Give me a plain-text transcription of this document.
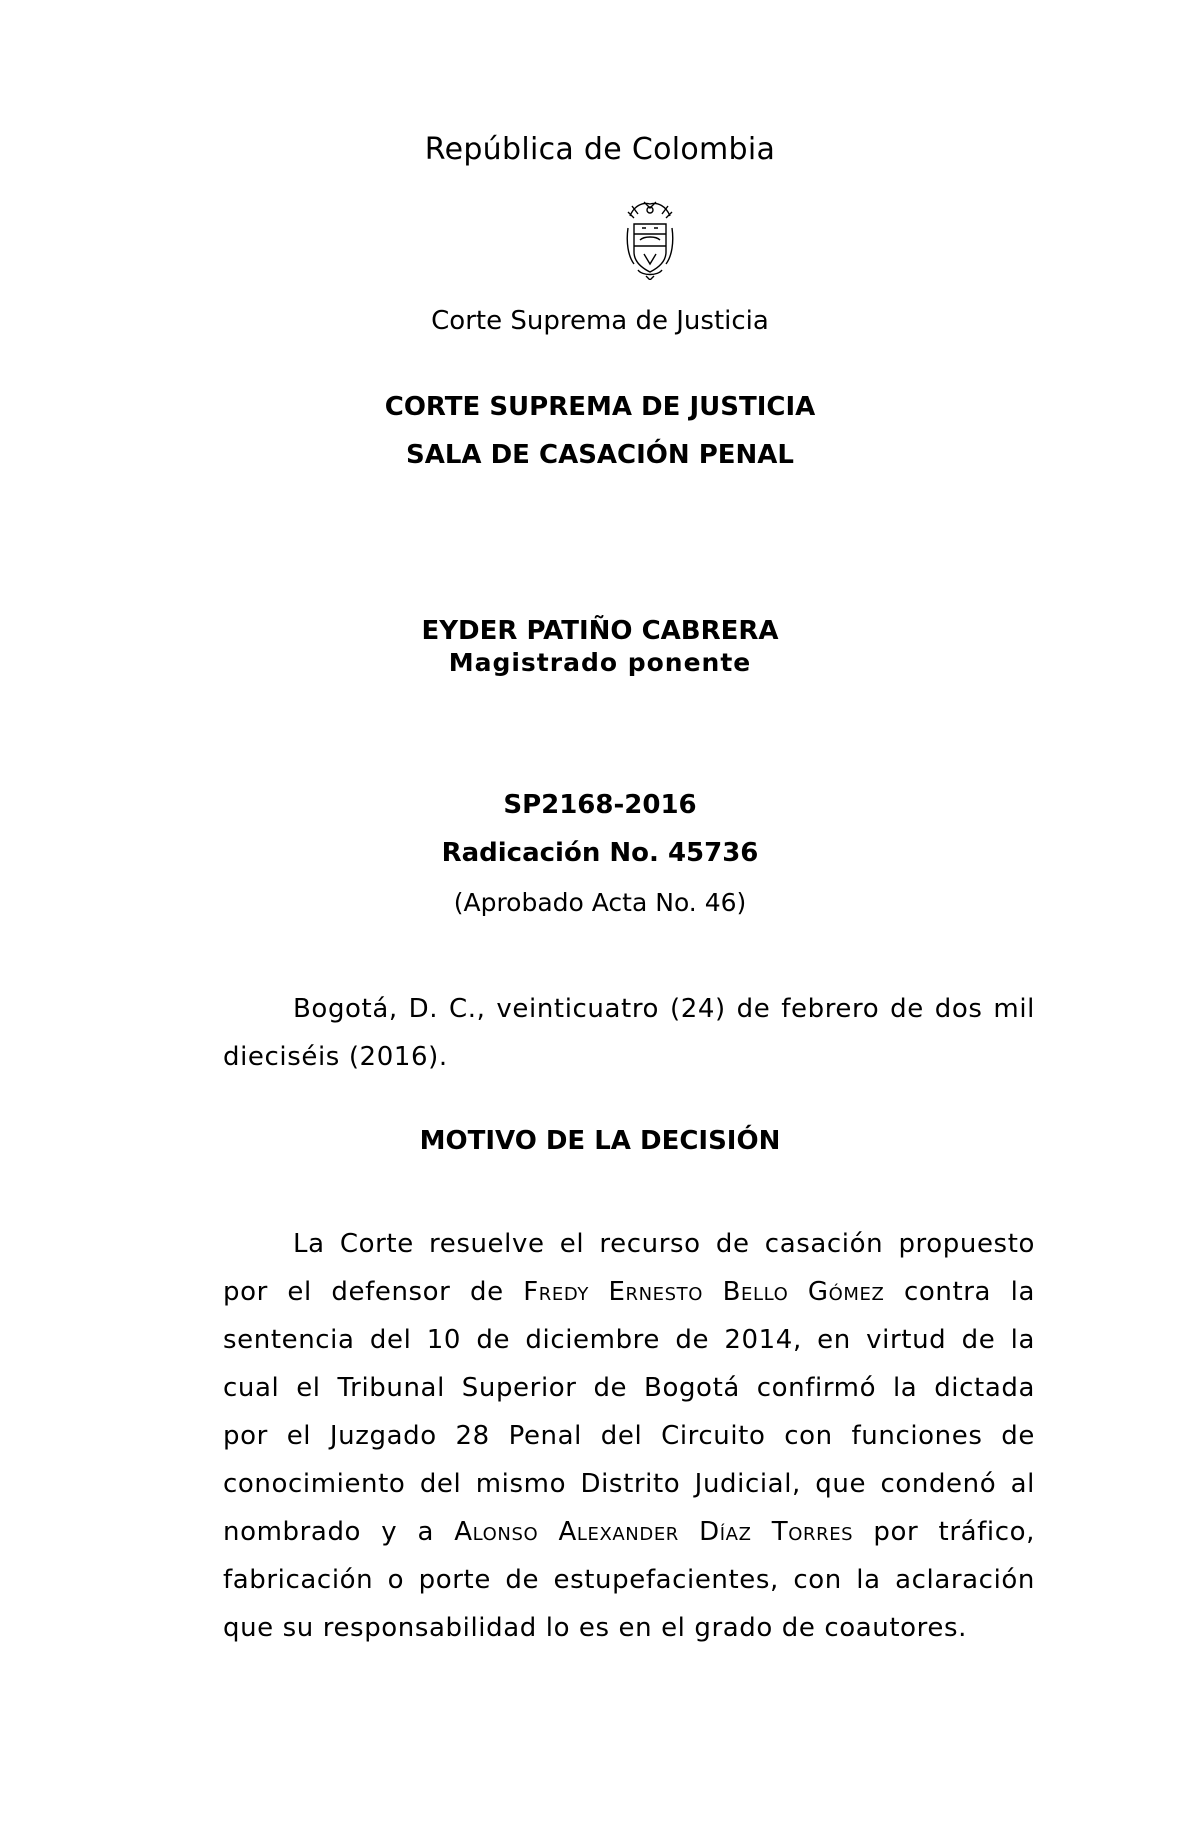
República de Colombia
Corte Suprema de Justicia
CORTE SUPREMA DE JUSTICIA
SALA DE CASACIÓN PENAL
EYDER PATIÑO CABRERA
Magistrado ponente
SP2168-2016
Radicación No. 45736
(Aprobado Acta No. 46)
Bogotá, D. C., veinticuatro (24) de febrero de dos mil
dieciséis (2016).
MOTIVO DE LA DECISIÓN
La Corte resuelve el recurso de casación propuesto
por el defensor de Fredy Ernesto Bello Gómez contra la
sentencia del 10 de diciembre de 2014, en virtud de la
cual el Tribunal Superior de Bogotá confirmó la dictada
por el Juzgado 28 Penal del Circuito con funciones de
conocimiento del mismo Distrito Judicial, que condenó al
nombrado y a Alonso Alexander Díaz Torres por tráfico,
fabricación o porte de estupefacientes, con la aclaración
que su responsabilidad lo es en el grado de coautores.
